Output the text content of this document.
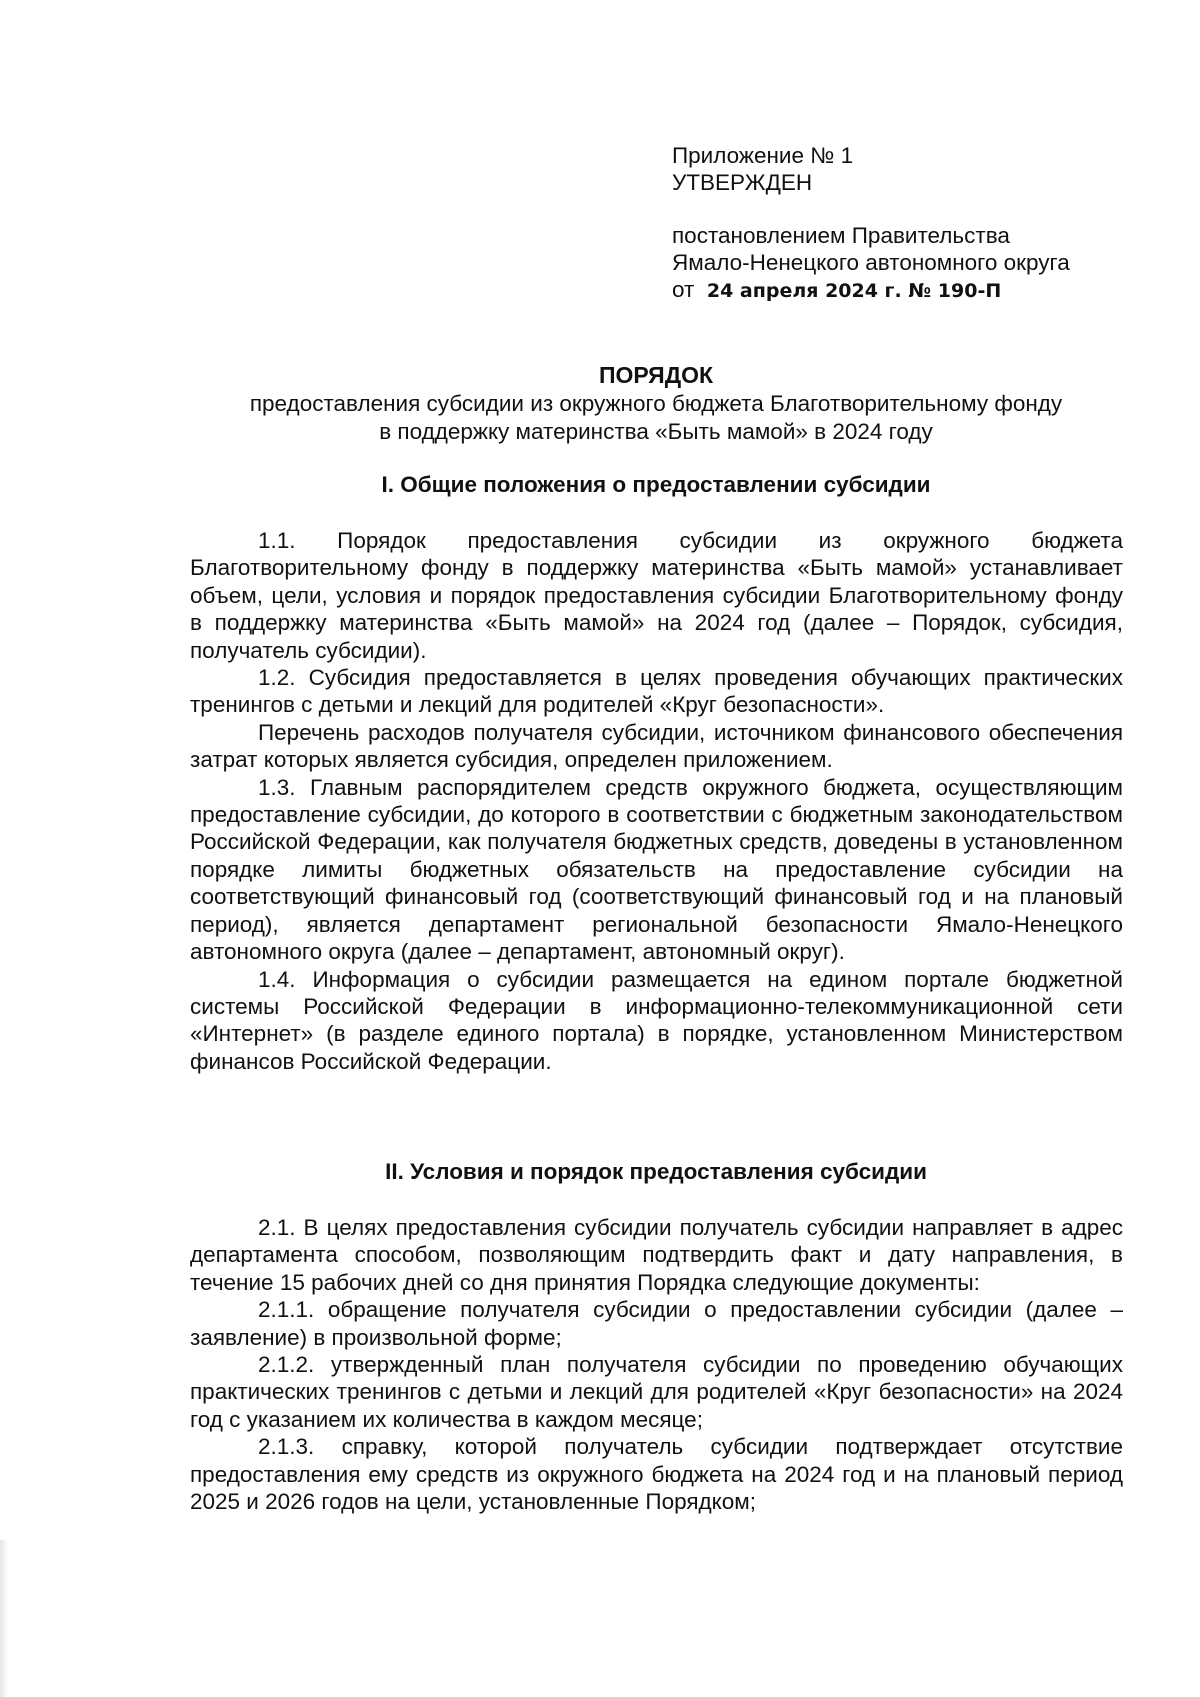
Приложение № 1

УТВЕРЖДЕН

постановлением Правительства

Ямало-Ненецкого автономного округа

от 24 апреля 2024 г. № 190-П

ПОРЯДОК
предоставления субсидии из окружного бюджета Благотворительному фонду
в поддержку материнства «Быть мамой» в 2024 году
I. Общие положения о предоставлении субсидии

1.1. Порядок предоставления субсидии из окружного бюджета Благотворительному фонду в поддержку материнства «Быть мамой» устанавливает объем, цели, условия и порядок предоставления субсидии Благотворительному фонду в поддержку материнства «Быть мамой» на 2024 год (далее – Порядок, субсидия, получатель субсидии).

1.2. Субсидия предоставляется в целях проведения обучающих практических тренингов с детьми и лекций для родителей «Круг безопасности».

Перечень расходов получателя субсидии, источником финансового обеспечения затрат которых является субсидия, определен приложением.

1.3. Главным распорядителем средств окружного бюджета, осуществляющим предоставление субсидии, до которого в соответствии с бюджетным законодательством Российской Федерации, как получателя бюджетных средств, доведены в установленном порядке лимиты бюджетных обязательств на предоставление субсидии на соответствующий финансовый год (соответствующий финансовый год и на плановый период), является департамент региональной безопасности Ямало-Ненецкого автономного округа (далее – департамент, автономный округ).

1.4. Информация о субсидии размещается на едином портале бюджетной системы Российской Федерации в информационно-телекоммуникационной сети «Интернет» (в разделе единого портала) в порядке, установленном Министерством финансов Российской Федерации.

II. Условия и порядок предоставления субсидии

2.1. В целях предоставления субсидии получатель субсидии направляет в адрес департамента способом, позволяющим подтвердить факт и дату направления, в течение 15 рабочих дней со дня принятия Порядка следующие документы:

2.1.1. обращение получателя субсидии о предоставлении субсидии (далее – заявление) в произвольной форме;

2.1.2. утвержденный план получателя субсидии по проведению обучающих практических тренингов с детьми и лекций для родителей «Круг безопасности» на 2024 год с указанием их количества в каждом месяце;

2.1.3. справку, которой получатель субсидии подтверждает отсутствие предоставления ему средств из окружного бюджета на 2024 год и на плановый период 2025 и 2026 годов на цели, установленные Порядком;
